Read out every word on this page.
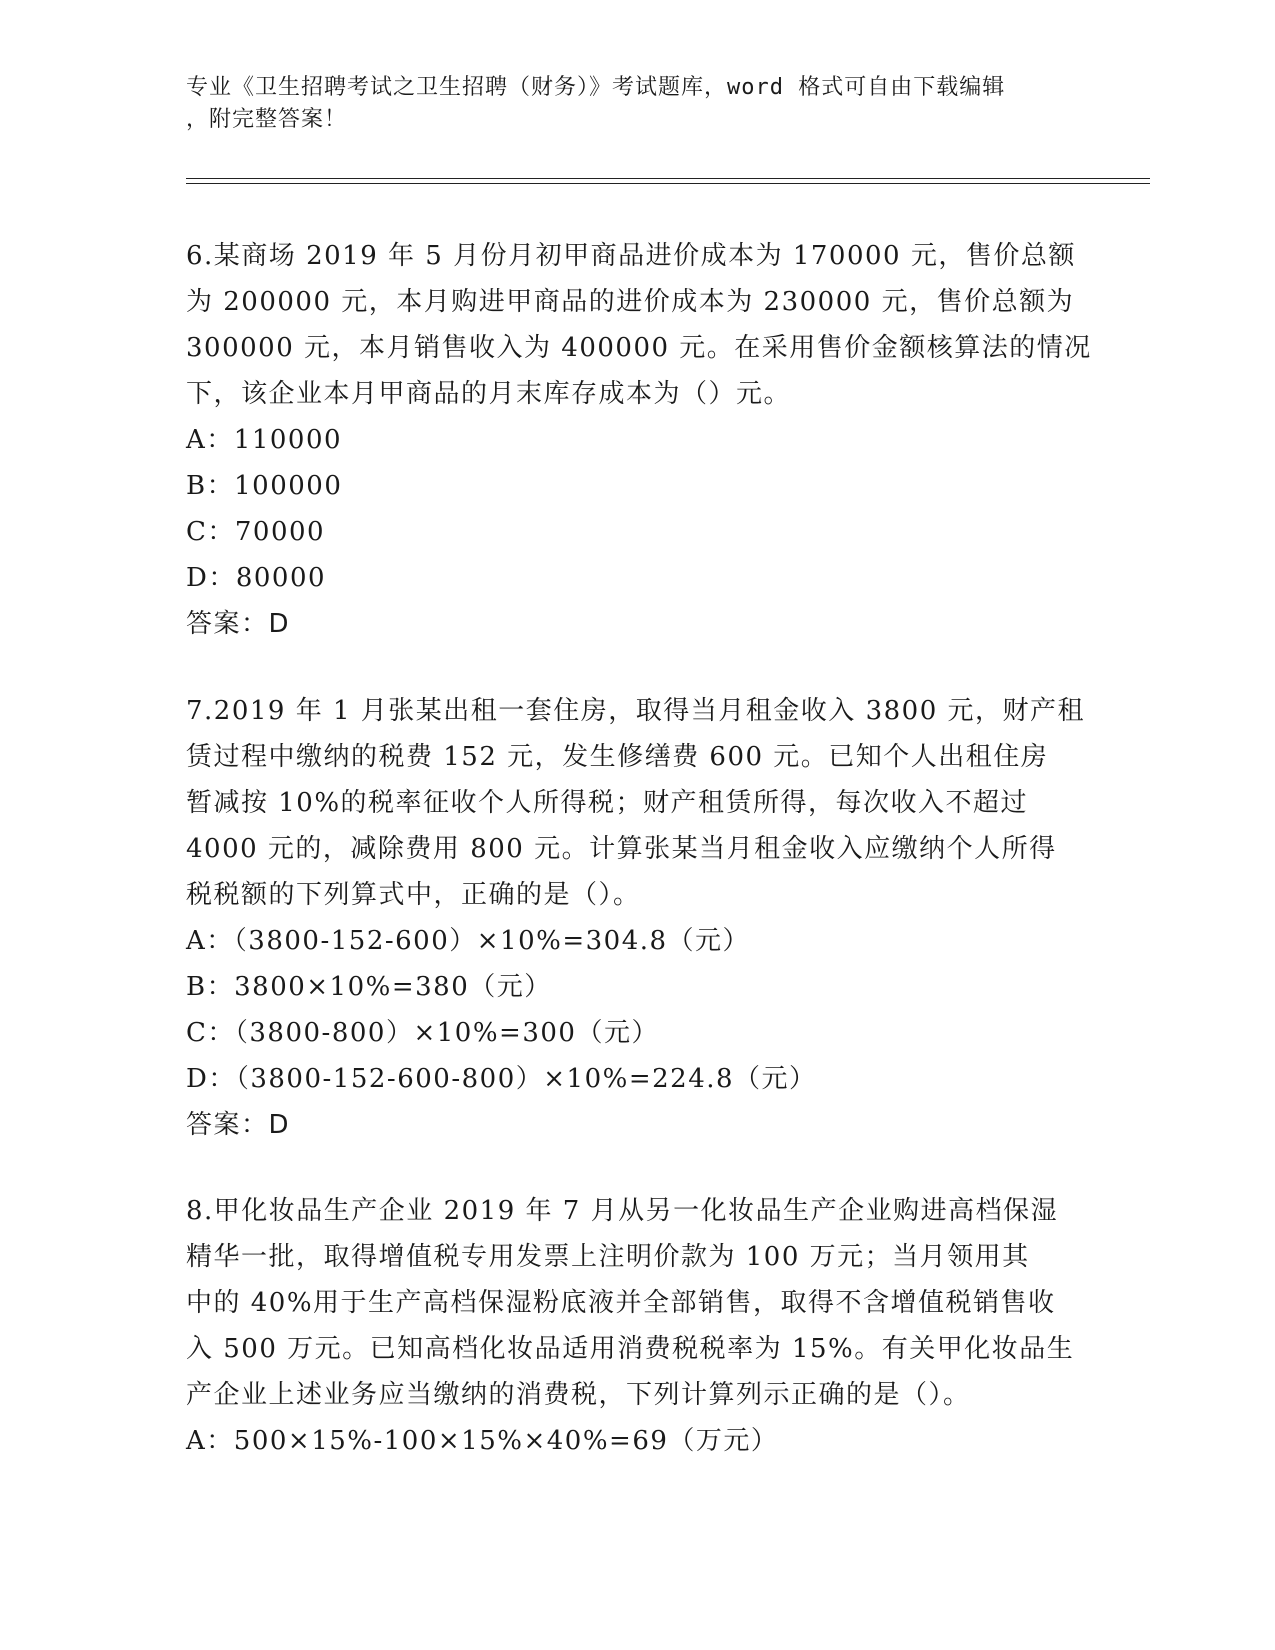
专业《卫生招聘考试之卫生招聘（财务）》考试题库，word 格式可自由下载编辑
，附完整答案！
6.某商场 2019 年 5 月份月初甲商品进价成本为 170000 元，售价总额
为 200000 元，本月购进甲商品的进价成本为 230000 元，售价总额为
300000 元，本月销售收入为 400000 元。在采用售价金额核算法的情况
下，该企业本月甲商品的月末库存成本为（）元。
A：110000
B：100000
C：70000
D：80000
答案：D
7.2019 年 1 月张某出租一套住房，取得当月租金收入 3800 元，财产租
赁过程中缴纳的税费 152 元，发生修缮费 600 元。已知个人出租住房
暂减按 10%的税率征收个人所得税；财产租赁所得，每次收入不超过
4000 元的，减除费用 800 元。计算张某当月租金收入应缴纳个人所得
税税额的下列算式中，正确的是（）。
A：（3800-152-600）×10%=304.8（元）
B：3800×10%=380（元）
C：（3800-800）×10%=300（元）
D：（3800-152-600-800）×10%=224.8（元）
答案：D
8.甲化妆品生产企业 2019 年 7 月从另一化妆品生产企业购进高档保湿
精华一批，取得增值税专用发票上注明价款为 100 万元；当月领用其
中的 40%用于生产高档保湿粉底液并全部销售，取得不含增值税销售收
入 500 万元。已知高档化妆品适用消费税税率为 15%。有关甲化妆品生
产企业上述业务应当缴纳的消费税，下列计算列示正确的是（）。
A：500×15%-100×15%×40%=69（万元）
